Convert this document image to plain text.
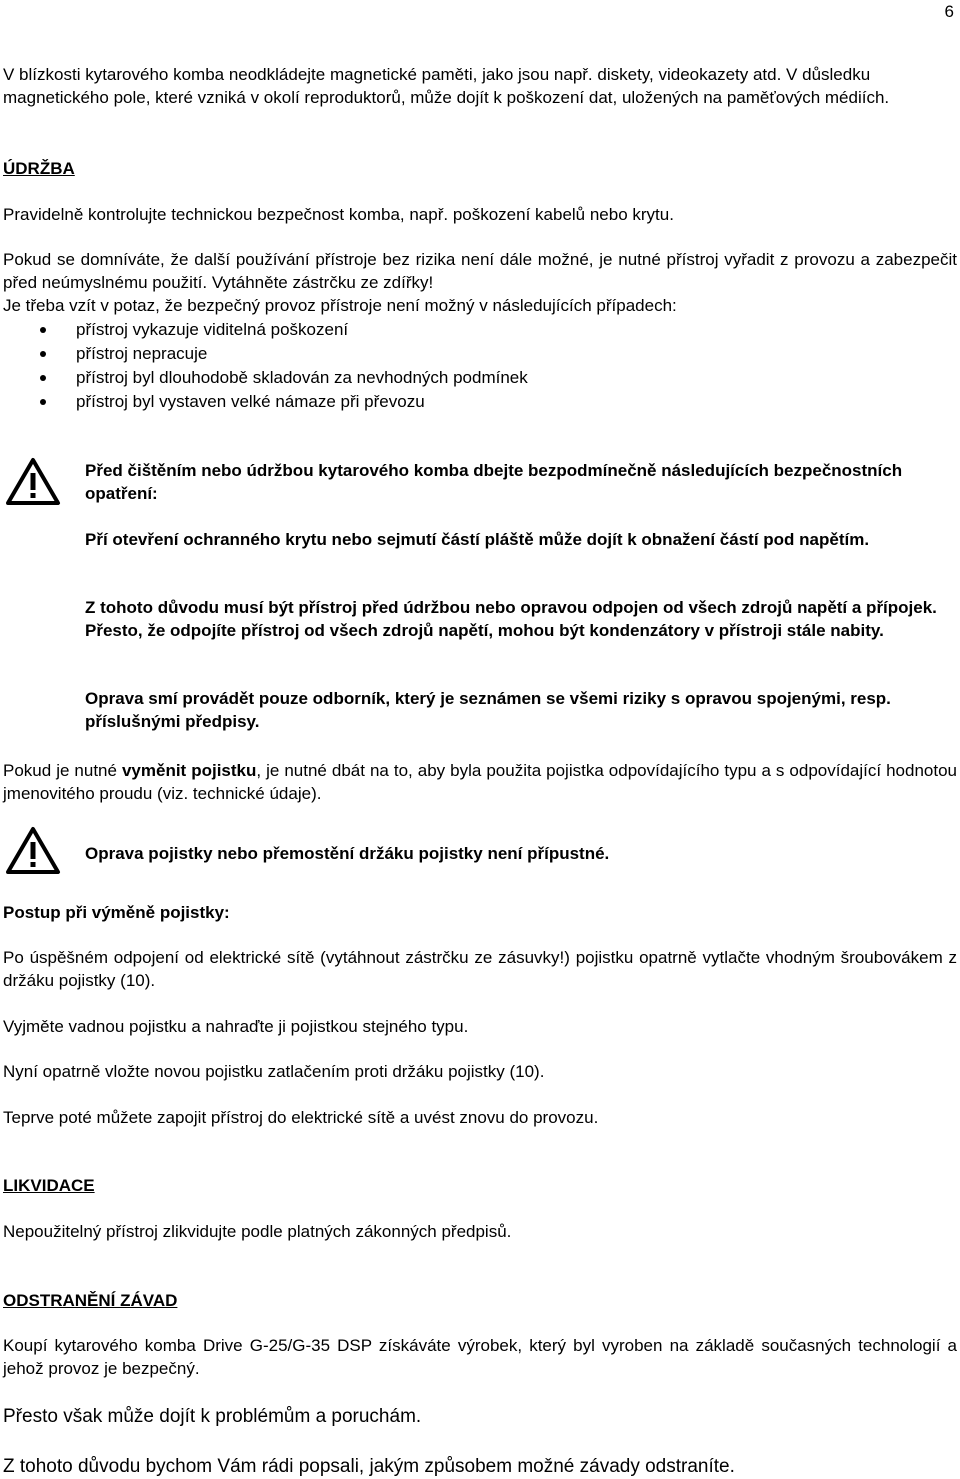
6

V blízkosti kytarového komba neodkládejte magnetické paměti, jako jsou např. diskety, videokazety atd. V důsledku magnetického pole, které vzniká v okolí reproduktorů, může dojít k poškození dat, uložených na paměťových médiích.

ÚDRŽBA

Pravidelně kontrolujte technickou bezpečnost komba, např. poškození kabelů nebo krytu.

Pokud se domníváte, že další používání přístroje bez rizika není dále možné, je nutné přístroj vyřadit z provozu a zabezpečit před neúmyslnému použití. Vytáhněte zástrčku ze zdířky!

Je třeba vzít v potaz, že bezpečný provoz přístroje není možný v následujících případech:

přístroj vykazuje viditelná poškození
přístroj nepracuje
přístroj byl dlouhodobě skladován za nevhodných podmínek
přístroj byl vystaven velké námaze při převozu

Před čištěním nebo údržbou kytarového komba dbejte bezpodmínečně následujících bezpečnostních opatření:

Pří otevření ochranného krytu nebo sejmutí částí pláště může dojít k obnažení částí pod napětím.

Z tohoto důvodu musí být přístroj před údržbou nebo opravou odpojen od všech zdrojů napětí a přípojek. Přesto, že odpojíte přístroj od všech zdrojů napětí, mohou být kondenzátory v přístroji stále nabity.

Oprava smí provádět pouze odborník, který je seznámen se všemi riziky s opravou spojenými, resp. příslušnými předpisy.

Pokud je nutné vyměnit pojistku, je nutné dbát na to, aby byla použita pojistka odpovídajícího typu a s odpovídající hodnotou jmenovitého proudu (viz. technické údaje).

Oprava pojistky nebo přemostění držáku pojistky není přípustné.

Postup při výměně pojistky:

Po úspěšném odpojení od elektrické sítě (vytáhnout zástrčku ze zásuvky!) pojistku opatrně vytlačte vhodným šroubovákem z držáku pojistky (10).

Vyjměte vadnou pojistku a nahraďte ji pojistkou stejného typu.

Nyní opatrně vložte novou pojistku zatlačením proti držáku pojistky (10).

Teprve poté můžete zapojit přístroj do elektrické sítě a uvést znovu do provozu.

LIKVIDACE

Nepoužitelný přístroj zlikvidujte podle platných zákonných předpisů.

ODSTRANĚNÍ ZÁVAD

Koupí kytarového komba Drive G-25/G-35 DSP získáváte výrobek, který byl vyroben na základě současných technologií a jehož provoz je bezpečný.

Přesto však může dojít k problémům a poruchám.

Z tohoto důvodu bychom Vám rádi popsali, jakým způsobem možné závady odstraníte.
